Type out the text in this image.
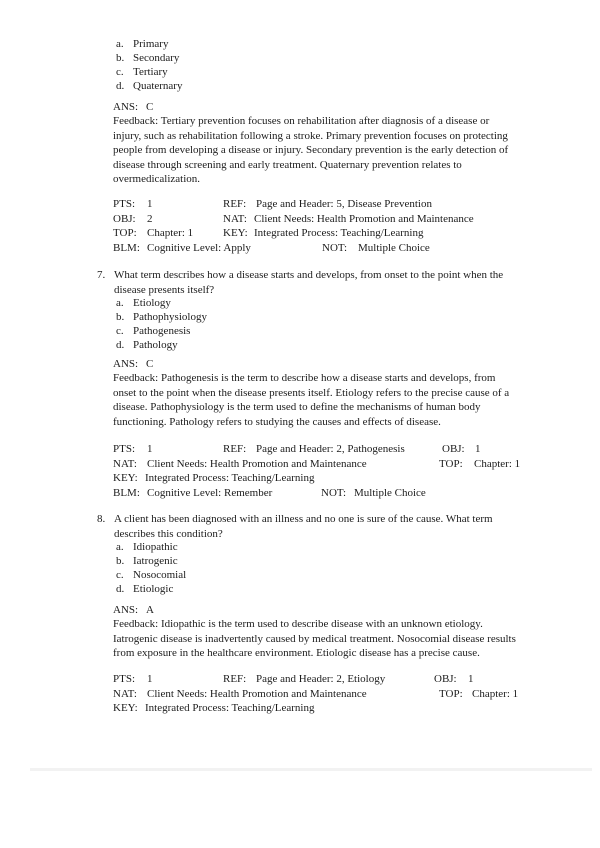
a. Primary
b. Secondary
c. Tertiary
d. Quaternary
ANS: C
Feedback: Tertiary prevention focuses on rehabilitation after diagnosis of a disease or
injury, such as rehabilitation following a stroke. Primary prevention focuses on protecting
people from developing a disease or injury. Secondary prevention is the early detection of
disease through screening and early treatment. Quaternary prevention relates to
overmedicalization.
PTS: 1	REF: Page and Header: 5, Disease Prevention
OBJ: 2	NAT: Client Needs: Health Promotion and Maintenance
TOP: Chapter: 1	KEY: Integrated Process: Teaching/Learning
BLM: Cognitive Level: Apply	NOT: Multiple Choice
7. What term describes how a disease starts and develops, from onset to the point when the
disease presents itself?
a. Etiology
b. Pathophysiology
c. Pathogenesis
d. Pathology
ANS: C
Feedback: Pathogenesis is the term to describe how a disease starts and develops, from
onset to the point when the disease presents itself. Etiology refers to the precise cause of a
disease. Pathophysiology is the term used to define the mechanisms of human body
functioning. Pathology refers to studying the causes and effects of disease.
PTS: 1	REF: Page and Header: 2, Pathogenesis	OBJ: 1
NAT: Client Needs: Health Promotion and Maintenance	TOP: Chapter: 1
KEY: Integrated Process: Teaching/Learning
BLM: Cognitive Level: Remember	NOT: Multiple Choice
8. A client has been diagnosed with an illness and no one is sure of the cause. What term
describes this condition?
a. Idiopathic
b. Iatrogenic
c. Nosocomial
d. Etiologic
ANS: A
Feedback: Idiopathic is the term used to describe disease with an unknown etiology.
Iatrogenic disease is inadvertently caused by medical treatment. Nosocomial disease results
from exposure in the healthcare environment. Etiologic disease has a precise cause.
PTS: 1	REF: Page and Header: 2, Etiology	OBJ: 1
NAT: Client Needs: Health Promotion and Maintenance	TOP: Chapter: 1
KEY: Integrated Process: Teaching/Learning
